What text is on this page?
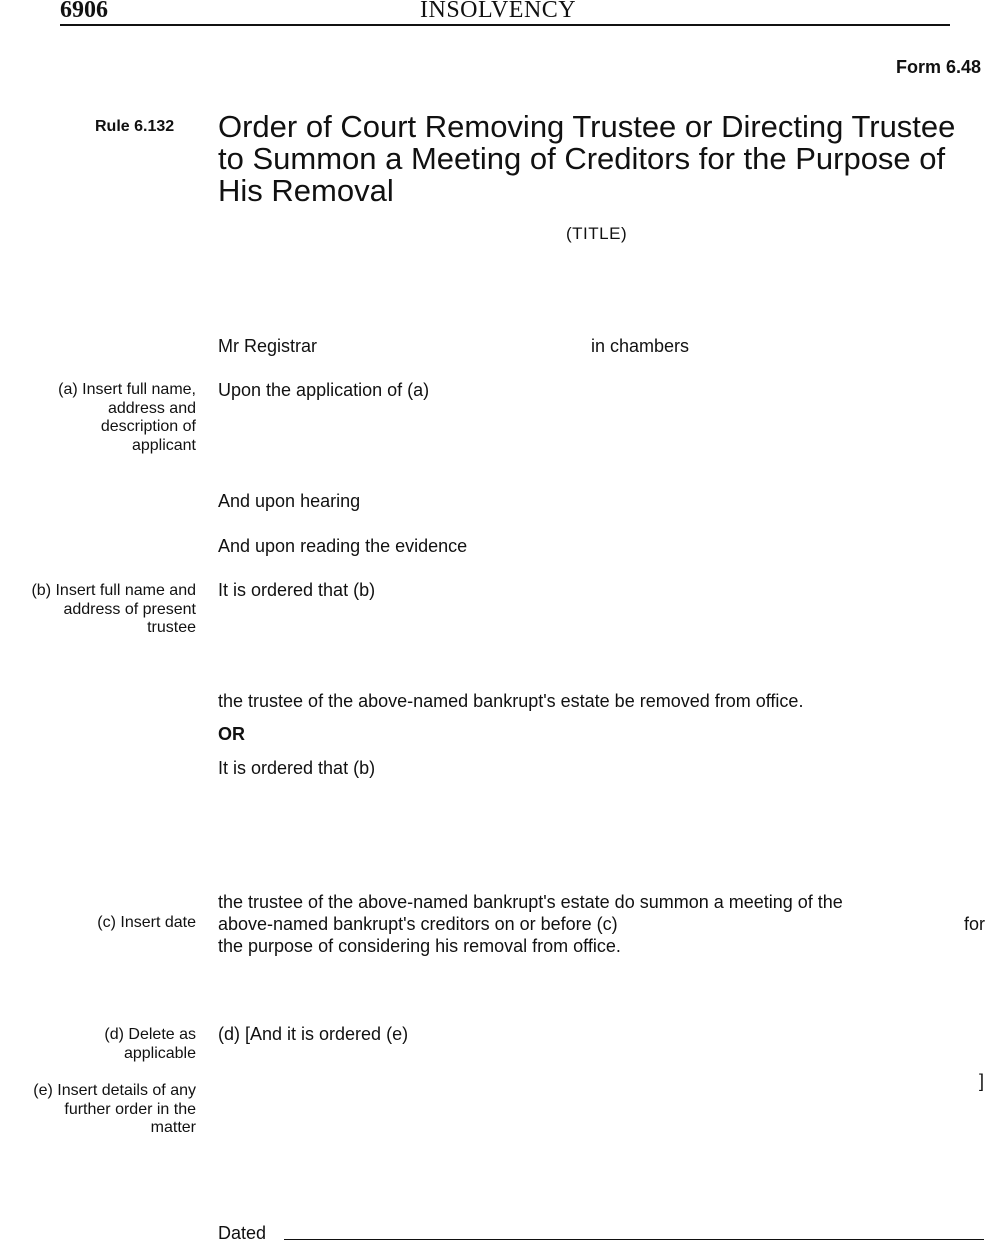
6906	INSOLVENCY
Form 6.48
Rule 6.132 Order of Court Removing Trustee or Directing Trustee to Summon a Meeting of Creditors for the Purpose of His Removal
(TITLE)
Mr Registrar	in chambers
(a) Insert full name,
address and
description of
applicant
Upon the application of (a)
And upon hearing
And upon reading the evidence
(b) Insert full name and
address of present
trustee
It is ordered that (b)
the trustee of the above-named bankrupt's estate be removed from office.
OR
It is ordered that (b)
(c) Insert date
the trustee of the above-named bankrupt's estate do summon a meeting of the
above-named bankrupt's creditors on or before (c)	for
the purpose of considering his removal from office.
(d) Delete as
applicable
(d) [And it is ordered (e)
]
(e) Insert details of any
further order in the
matter
Dated
